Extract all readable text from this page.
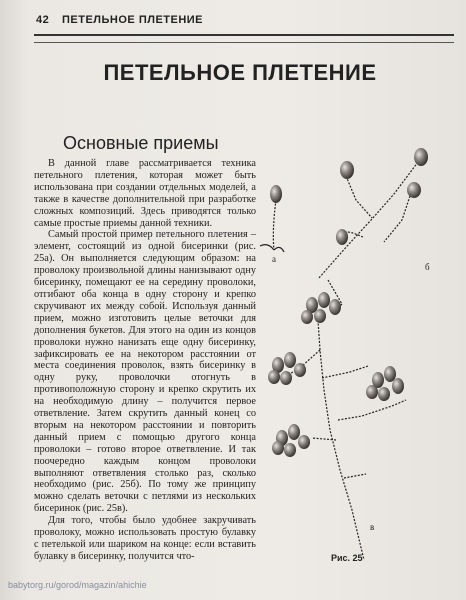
42 ПЕТЕЛЬНОЕ ПЛЕТЕНИЕ
ПЕТЕЛЬНОЕ ПЛЕТЕНИЕ
Основные приемы

В данной главе рассматривается техника петельного плетения, которая может быть использована при создании отдельных моделей, а также в качестве дополнительной при разработке сложных композиций. Здесь приводятся только самые простые приемы данной техники.

Самый простой пример петельного плетения – элемент, состоящий из одной бисеринки (рис. 25а). Он выполняется следующим образом: на проволоку произвольной длины нанизывают одну бисеринку, помещают ее на середину проволоки, отгибают оба конца в одну сторону и крепко скручивают их между собой. Используя данный прием, можно изготовить целые веточки для дополнения букетов. Для этого на один из концов проволоки нужно нанизать еще одну бисеринку, зафиксировать ее на некотором расстоянии от места соединения проволок, взять бисеринку в одну руку, проволочки отогнуть в противоположную сторону и крепко скрутить их на необходимую длину – получится первое ответвление. Затем скрутить данный конец со вторым на некотором расстоянии и повторить данный прием с помощью другого конца проволоки – готово второе ответвление. И так поочередно каждым концом проволоки выполняют ответвления столько раз, сколько необходимо (рис. 25б). По тому же принципу можно сделать веточки с петлями из нескольких бисеринок (рис. 25в).

Для того, чтобы было удобнее закручивать проволоку, можно использовать простую булавку с петелькой или шариком на конце: если вставить булавку в бисеринку, получится что-

а
б
в
Рис. 25
babytorg.ru/gorod/magazin/ahichie
